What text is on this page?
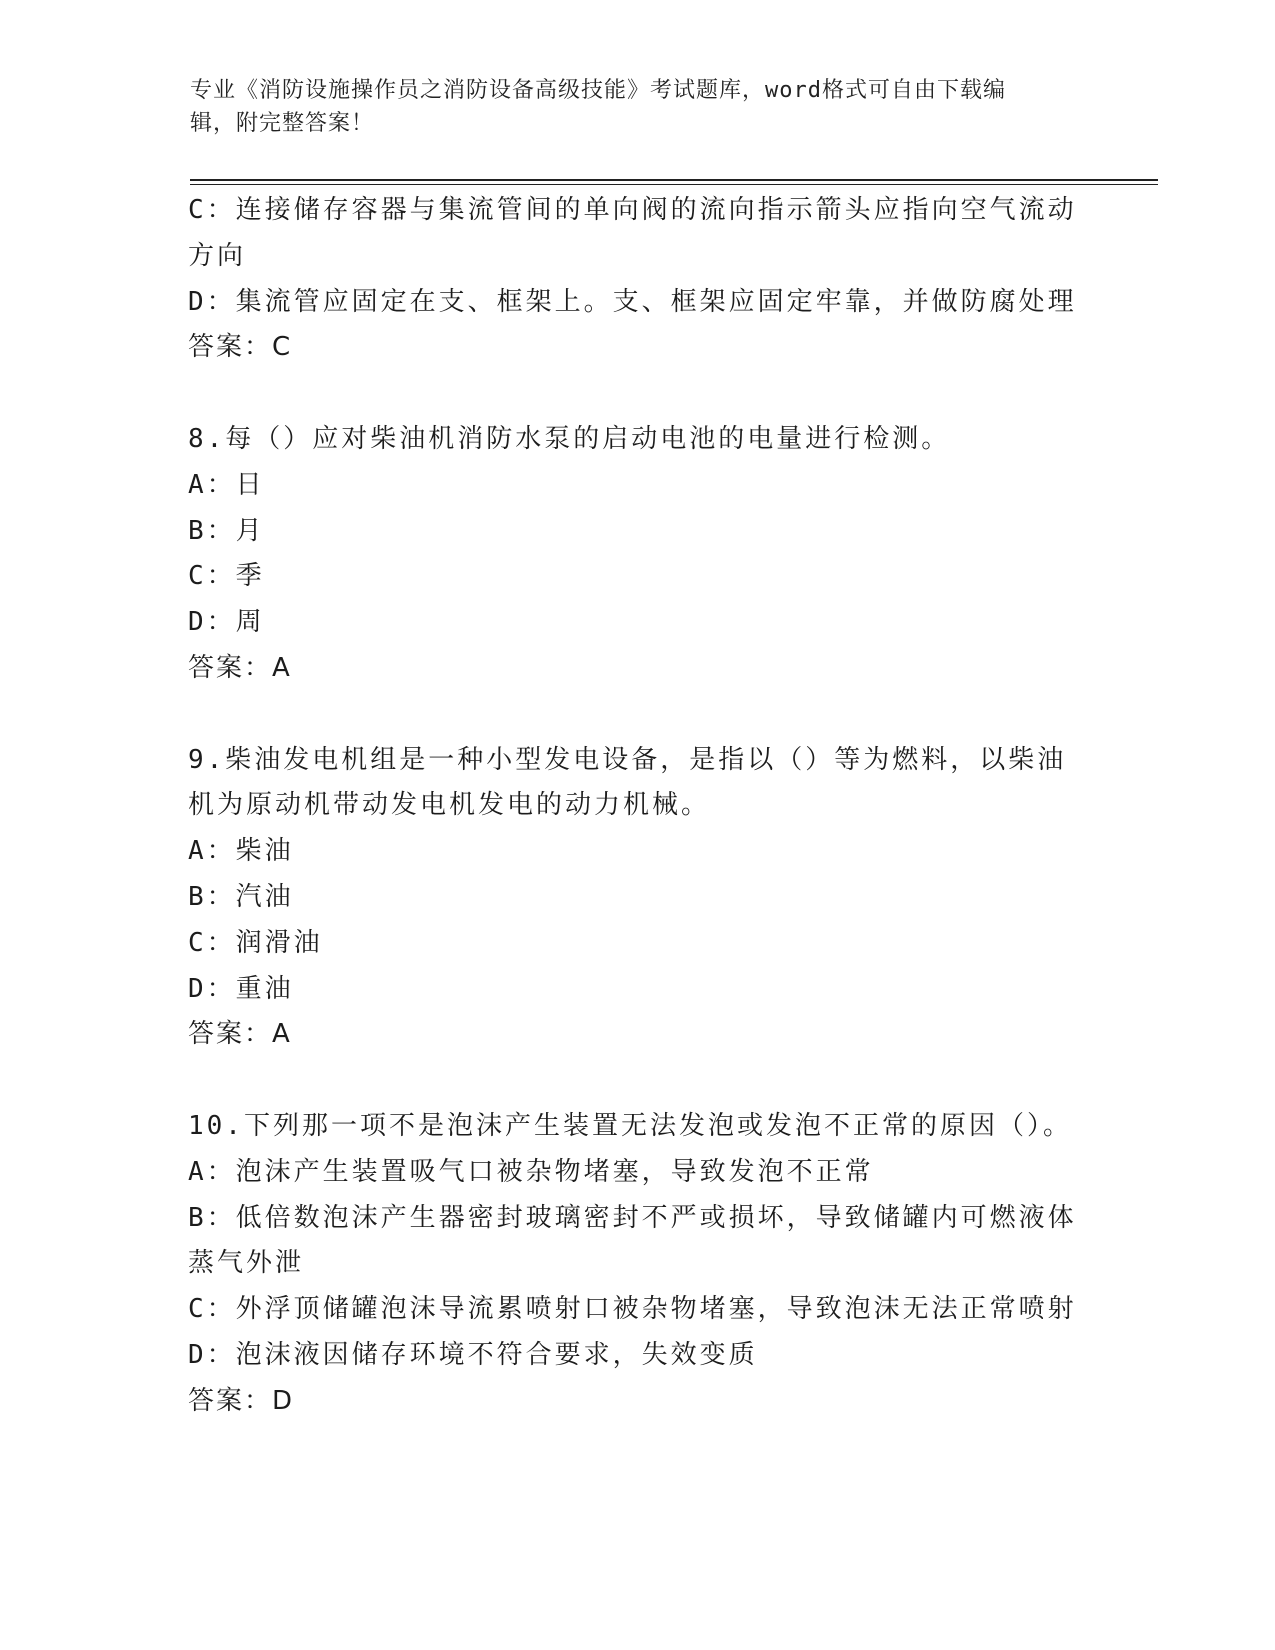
专业《消防设施操作员之消防设备高级技能》考试题库，word格式可自由下载编
辑，附完整答案！
C：连接储存容器与集流管间的单向阀的流向指示箭头应指向空气流动
方向
D：集流管应固定在支、框架上。支、框架应固定牢靠，并做防腐处理
答案：C
8.每（）应对柴油机消防水泵的启动电池的电量进行检测。
A：日
B：月
C：季
D：周
答案：A
9.柴油发电机组是一种小型发电设备，是指以（）等为燃料，以柴油
机为原动机带动发电机发电的动力机械。
A：柴油
B：汽油
C：润滑油
D：重油
答案：A
10.下列那一项不是泡沫产生装置无法发泡或发泡不正常的原因（）。
A：泡沫产生装置吸气口被杂物堵塞，导致发泡不正常
B：低倍数泡沫产生器密封玻璃密封不严或损坏，导致储罐内可燃液体
蒸气外泄
C：外浮顶储罐泡沫导流累喷射口被杂物堵塞，导致泡沫无法正常喷射
D：泡沫液因储存环境不符合要求，失效变质
答案：D
